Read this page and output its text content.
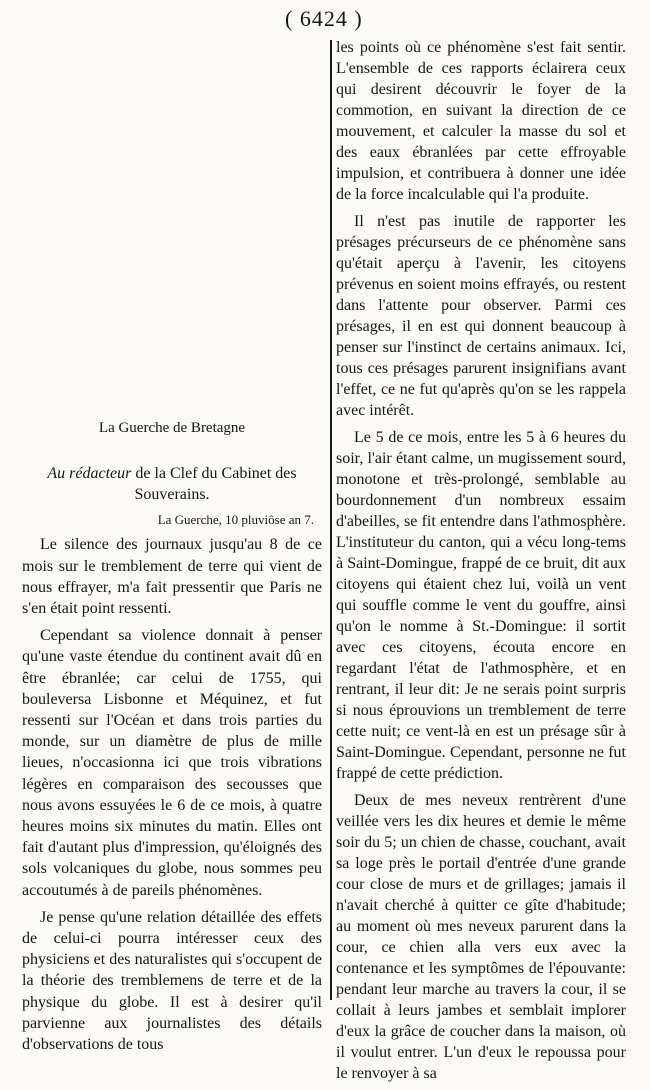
( 6424 )
La Guerche de Bretagne
Au rédacteur de la Clef du Cabinet des Souverains.
La Guerche, 10 pluviôse an 7.

Le silence des journaux jusqu'au 8 de ce mois sur le tremblement de terre qui vient de nous effrayer, m'a fait pressentir que Paris ne s'en était point ressenti.

Cependant sa violence donnait à penser qu'une vaste étendue du continent avait dû en être ébranlée; car celui de 1755, qui bouleversa Lisbonne et Méquinez, et fut ressenti sur l'Océan et dans trois parties du monde, sur un diamètre de plus de mille lieues, n'occasionna ici que trois vibrations légères en comparaison des secousses que nous avons essuyées le 6 de ce mois, à quatre heures moins six minutes du matin. Elles ont fait d'autant plus d'impression, qu'éloignés des sols volcaniques du globe, nous sommes peu accoutumés à de pareils phénomènes.

Je pense qu'une relation détaillée des effets de celui-ci pourra intéresser ceux des physiciens et des naturalistes qui s'occupent de la théorie des tremblemens de terre et de la physique du globe. Il est à desirer qu'il parvienne aux journalistes des détails d'observations de tous

les points où ce phénomène s'est fait sentir. L'ensemble de ces rapports éclairera ceux qui desirent découvrir le foyer de la commotion, en suivant la direction de ce mouvement, et calculer la masse du sol et des eaux ébranlées par cette effroyable impulsion, et contribuera à donner une idée de la force incalculable qui l'a produite.

Il n'est pas inutile de rapporter les présages précurseurs de ce phénomène sans qu'était aperçu à l'avenir, les citoyens prévenus en soient moins effrayés, ou restent dans l'attente pour observer. Parmi ces présages, il en est qui donnent beaucoup à penser sur l'instinct de certains animaux. Ici, tous ces présages parurent insignifians avant l'effet, ce ne fut qu'après qu'on se les rappela avec intérêt.

Le 5 de ce mois, entre les 5 à 6 heures du soir, l'air étant calme, un mugissement sourd, monotone et très-prolongé, semblable au bourdonnement d'un nombreux essaim d'abeilles, se fit entendre dans l'athmosphère. L'instituteur du canton, qui a vécu long-tems à Saint-Domingue, frappé de ce bruit, dit aux citoyens qui étaient chez lui, voilà un vent qui souffle comme le vent du gouffre, ainsi qu'on le nomme à St.-Domingue: il sortit avec ces citoyens, écouta encore en regardant l'état de l'athmosphère, et en rentrant, il leur dit: Je ne serais point surpris si nous éprouvions un tremblement de terre cette nuit; ce vent-là en est un présage sûr à Saint-Domingue. Cependant, personne ne fut frappé de cette prédiction.

Deux de mes neveux rentrèrent d'une veillée vers les dix heures et demie le même soir du 5; un chien de chasse, couchant, avait sa loge près le portail d'entrée d'une grande cour close de murs et de grillages; jamais il n'avait cherché à quitter ce gîte d'habitude; au moment où mes neveux parurent dans la cour, ce chien alla vers eux avec la contenance et les symptômes de l'épouvante: pendant leur marche au travers la cour, il se collait à leurs jambes et semblait implorer d'eux la grâce de coucher dans la maison, où il voulut entrer. L'un d'eux le repoussa pour le renvoyer à sa
